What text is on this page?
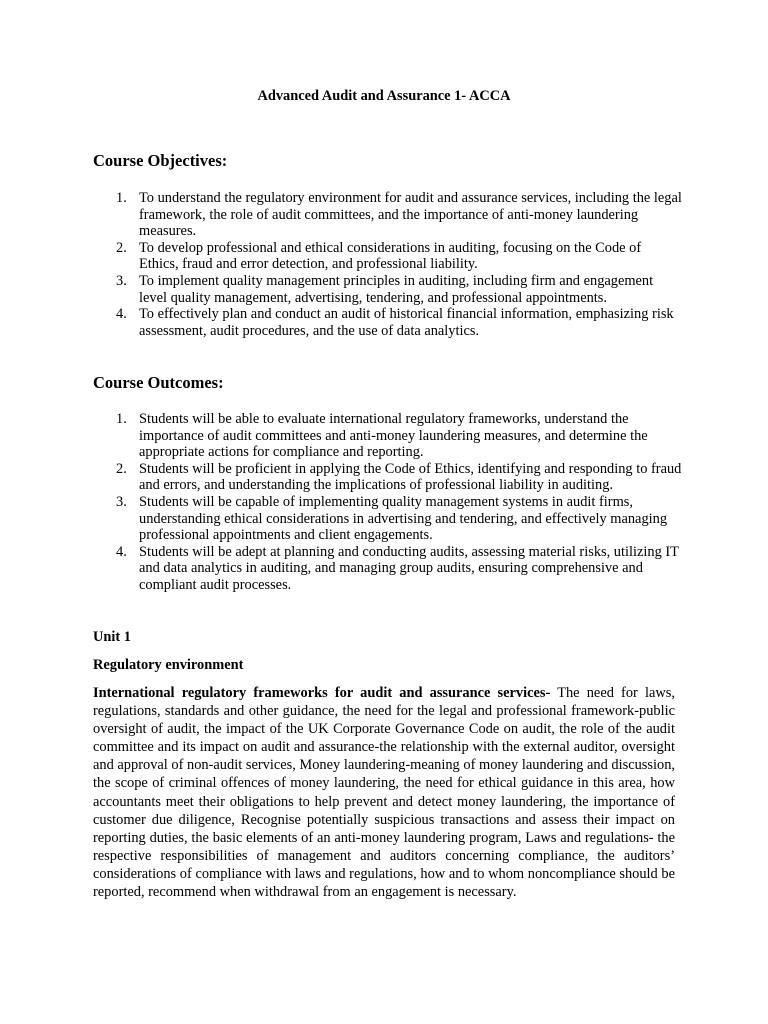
Advanced Audit and Assurance 1- ACCA
Course Objectives:
1. To understand the regulatory environment for audit and assurance services, including the legal framework, the role of audit committees, and the importance of anti-money laundering measures.
2. To develop professional and ethical considerations in auditing, focusing on the Code of Ethics, fraud and error detection, and professional liability.
3. To implement quality management principles in auditing, including firm and engagement level quality management, advertising, tendering, and professional appointments.
4. To effectively plan and conduct an audit of historical financial information, emphasizing risk assessment, audit procedures, and the use of data analytics.
Course Outcomes:
1. Students will be able to evaluate international regulatory frameworks, understand the importance of audit committees and anti-money laundering measures, and determine the appropriate actions for compliance and reporting.
2. Students will be proficient in applying the Code of Ethics, identifying and responding to fraud and errors, and understanding the implications of professional liability in auditing.
3. Students will be capable of implementing quality management systems in audit firms, understanding ethical considerations in advertising and tendering, and effectively managing professional appointments and client engagements.
4. Students will be adept at planning and conducting audits, assessing material risks, utilizing IT and data analytics in auditing, and managing group audits, ensuring comprehensive and compliant audit processes.
Unit 1
Regulatory environment

International regulatory frameworks for audit and assurance services- The need for laws, regulations, standards and other guidance, the need for the legal and professional framework-public oversight of audit, the impact of the UK Corporate Governance Code on audit, the role of the audit committee and its impact on audit and assurance-the relationship with the external auditor, oversight and approval of non-audit services, Money laundering-meaning of money laundering and discussion, the scope of criminal offences of money laundering, the need for ethical guidance in this area, how accountants meet their obligations to help prevent and detect money laundering, the importance of customer due diligence, Recognise potentially suspicious transactions and assess their impact on reporting duties, the basic elements of an anti-money laundering program, Laws and regulations- the respective responsibilities of management and auditors concerning compliance, the auditors’ considerations of compliance with laws and regulations, how and to whom noncompliance should be reported, recommend when withdrawal from an engagement is necessary.
